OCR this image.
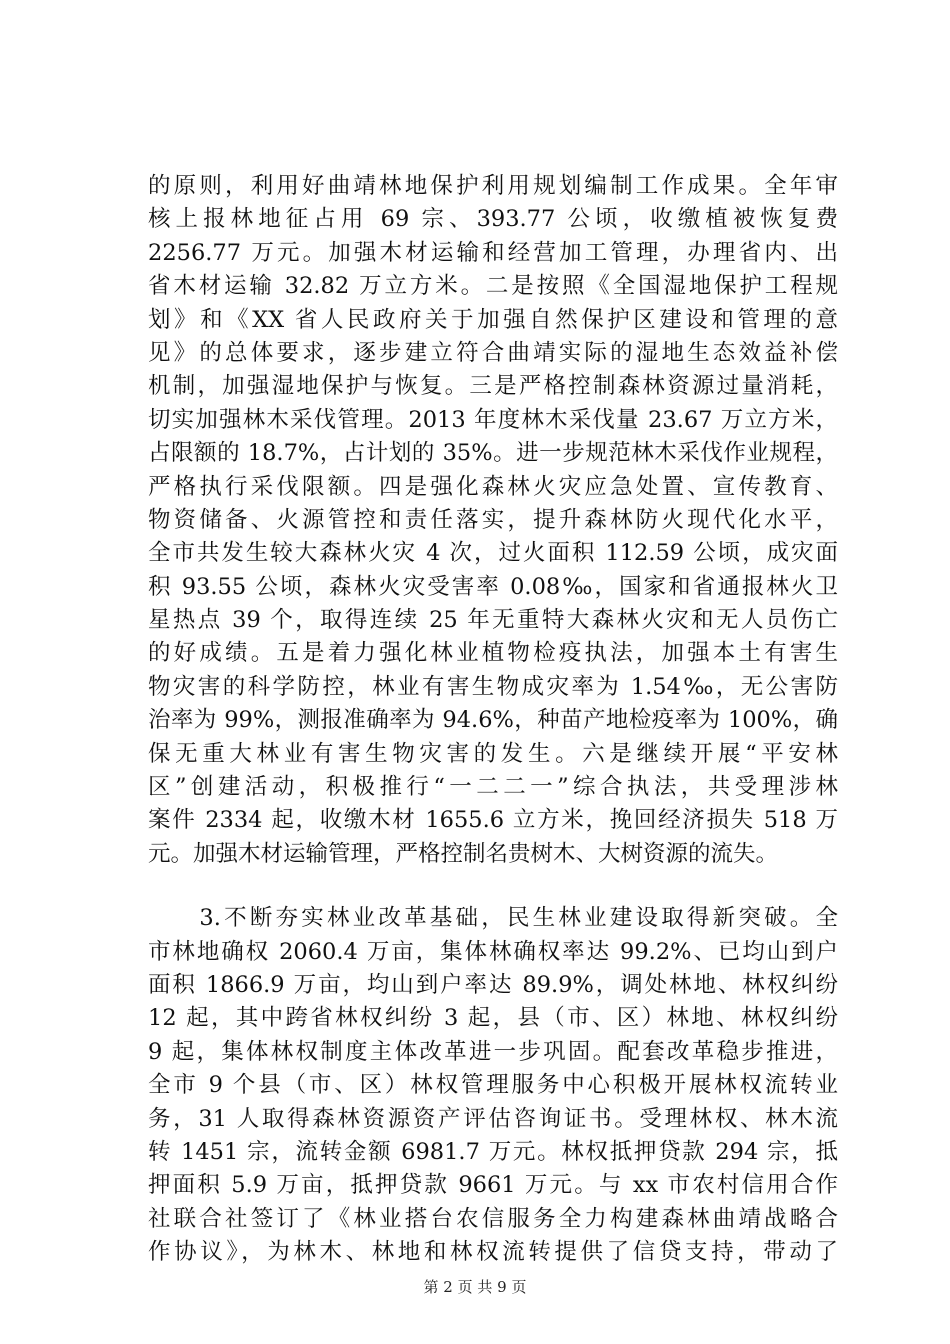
的原则，利用好曲靖林地保护利用规划编制工作成果。全年审
核上报林地征占用 69 宗、393.77 公顷，收缴植被恢复费
2256.77 万元。加强木材运输和经营加工管理，办理省内、出
省木材运输 32.82 万立方米。二是按照《全国湿地保护工程规
划》和《XX 省人民政府关于加强自然保护区建设和管理的意
见》的总体要求，逐步建立符合曲靖实际的湿地生态效益补偿
机制，加强湿地保护与恢复。三是严格控制森林资源过量消耗，
切实加强林木采伐管理。2013 年度林木采伐量 23.67 万立方米，
占限额的 18.7%，占计划的 35%。进一步规范林木采伐作业规程，
严格执行采伐限额。四是强化森林火灾应急处置、宣传教育、
物资储备、火源管控和责任落实，提升森林防火现代化水平，
全市共发生较大森林火灾 4 次，过火面积 112.59 公顷，成灾面
积 93.55 公顷，森林火灾受害率 0.08‰，国家和省通报林火卫
星热点 39 个，取得连续 25 年无重特大森林火灾和无人员伤亡
的好成绩。五是着力强化林业植物检疫执法，加强本土有害生
物灾害的科学防控，林业有害生物成灾率为 1.54‰，无公害防
治率为 99%，测报准确率为 94.6%，种苗产地检疫率为 100%，确
保无重大林业有害生物灾害的发生。六是继续开展“平安林
区”创建活动，积极推行“一二二一”综合执法，共受理涉林
案件 2334 起，收缴木材 1655.6 立方米，挽回经济损失 518 万
元。加强木材运输管理，严格控制名贵树木、大树资源的流失。
　　3.不断夯实林业改革基础，民生林业建设取得新突破。全
市林地确权 2060.4 万亩，集体林确权率达 99.2%、已均山到户
面积 1866.9 万亩，均山到户率达 89.9%，调处林地、林权纠纷
12 起，其中跨省林权纠纷 3 起，县（市、区）林地、林权纠纷
9 起，集体林权制度主体改革进一步巩固。配套改革稳步推进，
全市 9 个县（市、区）林权管理服务中心积极开展林权流转业
务，31 人取得森林资源资产评估咨询证书。受理林权、林木流
转 1451 宗，流转金额 6981.7 万元。林权抵押贷款 294 宗，抵
押面积 5.9 万亩，抵押贷款 9661 万元。与 xx 市农村信用合作
社联合社签订了《林业搭台农信服务全力构建森林曲靖战略合
作协议》，为林木、林地和林权流转提供了信贷支持，带动了
第 2 页 共 9 页
